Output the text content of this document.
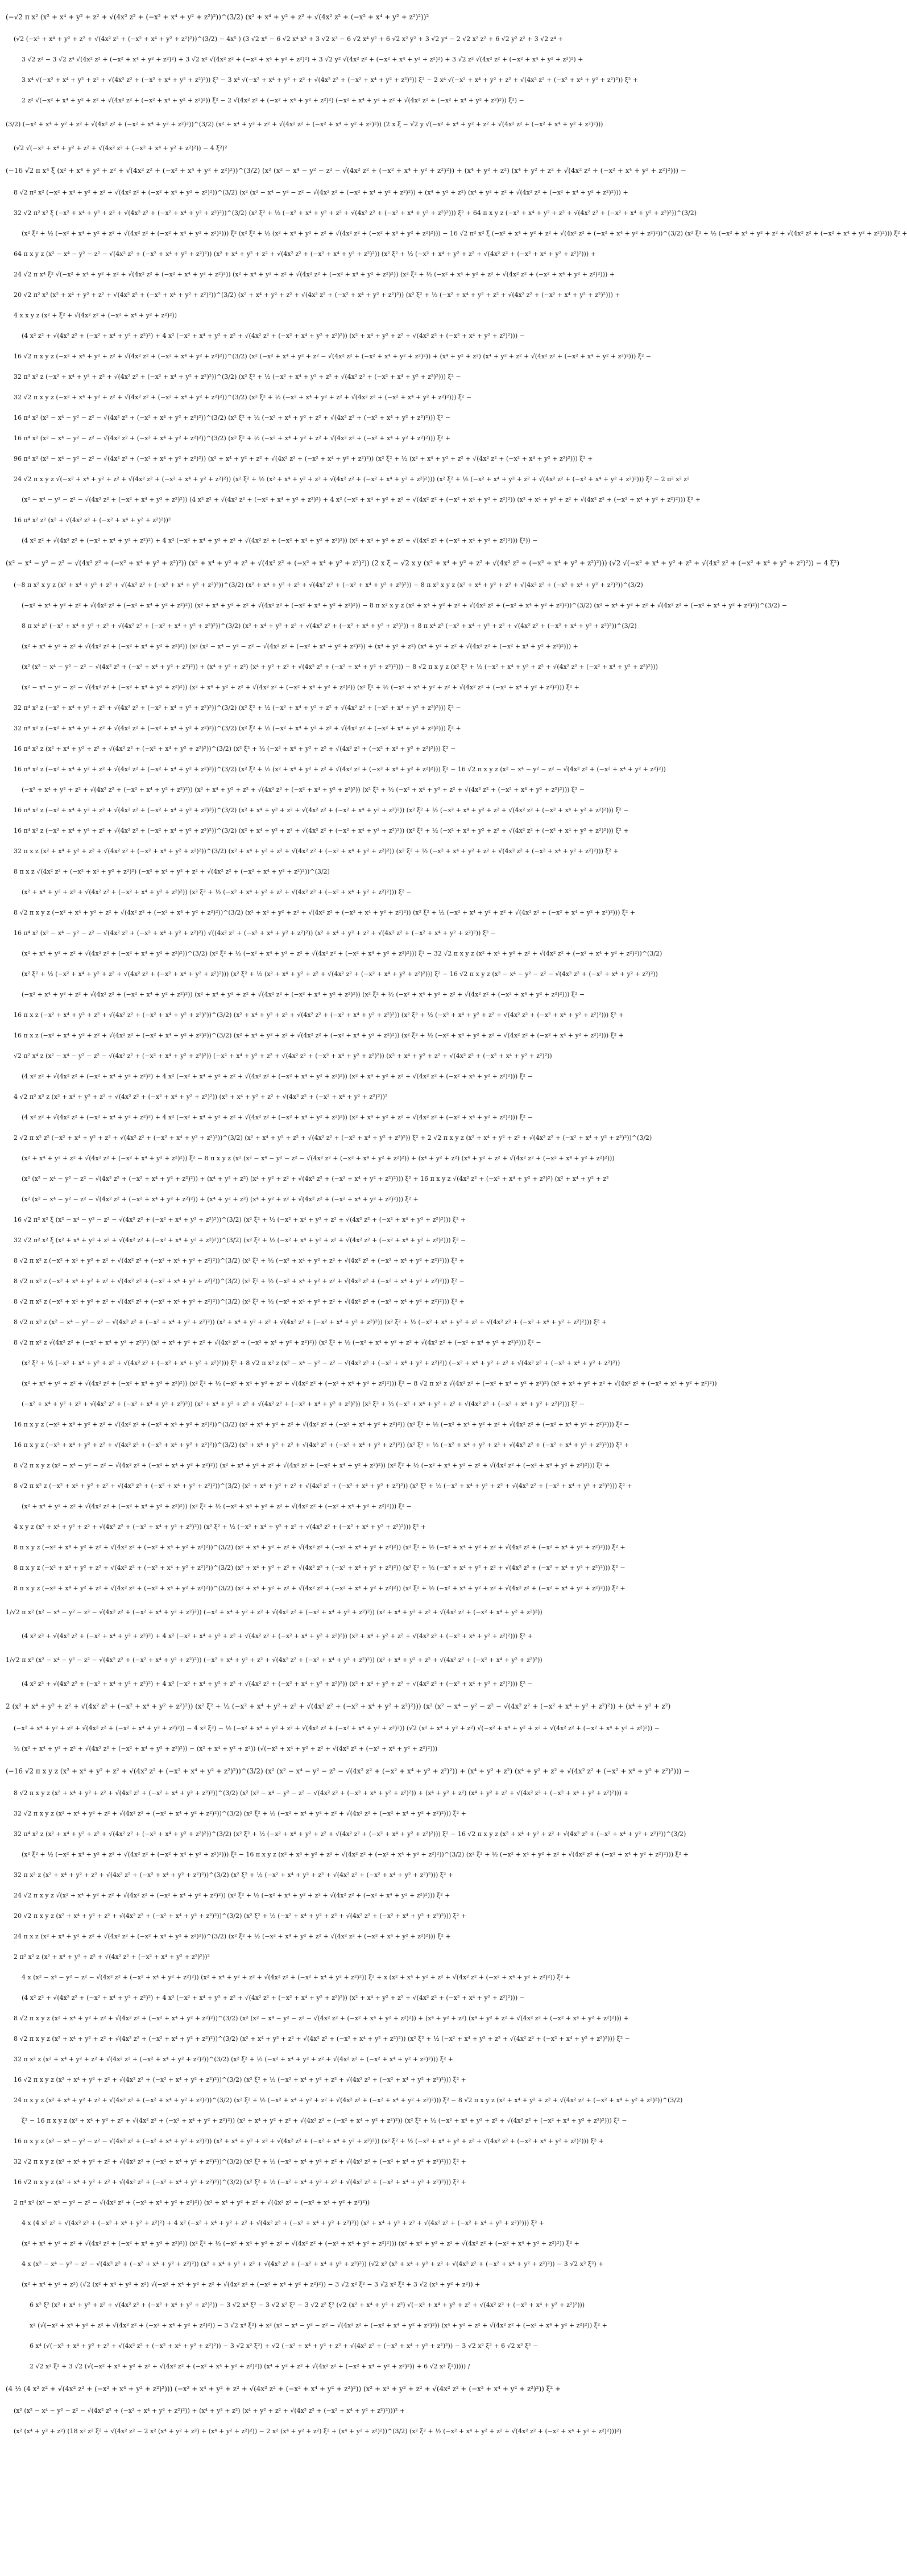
(−√2 π x² (x² + x⁴ + y² + z² + √(4x² z² + (−x² + x⁴ + y² + z²)²))^(3/2) (x² + x⁴ + y² + z² + √(4x² z² + (−x² + x⁴ + y² + z²)²))²
(√2 (−x² + x⁴ + y² + z² + √(4x² z² + (−x² + x⁴ + y² + z²)²))^(3/2) − 4x⁵ ) (3 √2 x⁶ − 6 √2 x⁴ x³ + 3 √2 x³ − 6 √2 x⁴ y² + 6 √2 x² y² + 3 √2 y⁴ − 2 √2 x² z² + 6 √2 y² z² + 3 √2 z⁴ +
3 √2 z² − 3 √2 z⁴ √(4x² z² + (−x² + x⁴ + y² + z²)²) + 3 √2 x² √(4x² z² + (−x² + x⁴ + y² + z²)²) + 3 √2 y² √(4x² z² + (−x² + x⁴ + y² + z²)²) + 3 √2 z² √(4x² z² + (−x² + x⁴ + y² + z²)²) +
3 x⁴ √(−x² + x⁴ + y² + z² + √(4x² z² + (−x² + x⁴ + y² + z²)²)) ξ² − 3 x⁴ √(−x² + x⁴ + y² + z² + √(4x² z² + (−x² + x⁴ + y² + z²)²)) ξ² − 2 x⁴ √(−x² + x⁴ + y² + z² + √(4x² z² + (−x² + x⁴ + y² + z²)²)) ξ² +
2 z² √(−x² + x⁴ + y² + z² + √(4x² z² + (−x² + x⁴ + y² + z²)²)) ξ² − 2 √(4x² z² + (−x² + x⁴ + y² + z²)²) (−x² + x⁴ + y² + z² + √(4x² z² + (−x² + x⁴ + y² + z²)²)) ξ²) −
(3/2) (−x² + x⁴ + y² + z² + √(4x² z² + (−x² + x⁴ + y² + z²)²))^(3/2) (x² + x⁴ + y² + z² + √(4x² z² + (−x² + x⁴ + y² + z²)²)) (2 x ξ − √2 y √(−x² + x⁴ + y² + z² + √(4x² z² + (−x² + x⁴ + y² + z²)²)))
(√2 √(−x² + x⁴ + y² + z² + √(4x² z² + (−x² + x⁴ + y² + z²)²)) − 4 ξ²)²
(−16 √2 π x⁴ ξ (x² + x⁴ + y² + z² + √(4x² z² + (−x² + x⁴ + y² + z²)²))^(3/2) (x² (x² − x⁴ − y² − z² − √(4x² z² + (−x² + x⁴ + y² + z²)²)) + (x⁴ + y² + z²) (x⁴ + y² + z² + √(4x² z² + (−x² + x⁴ + y² + z²)²))) −
8 √2 π² x² (−x² + x⁴ + y² + z² + √(4x² z² + (−x² + x⁴ + y² + z²)²))^(3/2) (x² (x² − x⁴ − y² − z² − √(4x² z² + (−x² + x⁴ + y² + z²)²)) + (x⁴ + y² + z²) (x⁴ + y² + z² + √(4x² z² + (−x² + x⁴ + y² + z²)²))) +
32 √2 π² x² ξ (−x² + x⁴ + y² + z² + √(4x² z² + (−x² + x⁴ + y² + z²)²))^(3/2) (x² ξ² + ½ (−x² + x⁴ + y² + z² + √(4x² z² + (−x² + x⁴ + y² + z²)²))) ξ² + 64 π x y z (−x² + x⁴ + y² + z² + √(4x² z² + (−x² + x⁴ + y² + z²)²))^(3/2)
(x² ξ² + ½ (−x² + x⁴ + y² + z² + √(4x² z² + (−x² + x⁴ + y² + z²)²))) ξ² (x² ξ² + ½ (x² + x⁴ + y² + z² + √(4x² z² + (−x² + x⁴ + y² + z²)²))) − 16 √2 π² x² ξ (−x² + x⁴ + y² + z² + √(4x² z² + (−x² + x⁴ + y² + z²)²))^(3/2) (x² ξ² + ½ (−x² + x⁴ + y² + z² + √(4x² z² + (−x² + x⁴ + y² + z²)²))) ξ² +
64 π x y z (x² − x⁴ − y² − z² − √(4x² z² + (−x² + x⁴ + y² + z²)²)) (x² + x⁴ + y² + z² + √(4x² z² + (−x² + x⁴ + y² + z²)²)) (x² ξ² + ½ (−x² + x⁴ + y² + z² + √(4x² z² + (−x² + x⁴ + y² + z²)²))) +
24 √2 π x⁴ ξ² √(−x² + x⁴ + y² + z² + √(4x² z² + (−x² + x⁴ + y² + z²)²)) (x² + x⁴ + y² + z² + √(4x² z² + (−x² + x⁴ + y² + z²)²)) (x² ξ² + ½ (−x² + x⁴ + y² + z² + √(4x² z² + (−x² + x⁴ + y² + z²)²))) +
20 √2 π² x² (x² + x⁴ + y² + z² + √(4x² z² + (−x² + x⁴ + y² + z²)²))^(3/2) (x² + x⁴ + y² + z² + √(4x² z² + (−x² + x⁴ + y² + z²)²)) (x² ξ² + ½ (−x² + x⁴ + y² + z² + √(4x² z² + (−x² + x⁴ + y² + z²)²))) +
4 x x y z (x² + ξ² + √(4x² z² + (−x² + x⁴ + y² + z²)²))
(4 x² z² + √(4x² z² + (−x² + x⁴ + y² + z²)²) + 4 x² (−x² + x⁴ + y² + z² + √(4x² z² + (−x² + x⁴ + y² + z²)²)) (x² + x⁴ + y² + z² + √(4x² z² + (−x² + x⁴ + y² + z²)²))) −
16 √2 π x y z (−x² + x⁴ + y² + z² + √(4x² z² + (−x² + x⁴ + y² + z²)²))^(3/2) (x² (−x² + x⁴ + y² + z² − √(4x² z² + (−x² + x⁴ + y² + z²)²)) + (x⁴ + y² + z²) (x⁴ + y² + z² + √(4x² z² + (−x² + x⁴ + y² + z²)²))) ξ² −
32 π³ x² z (−x² + x⁴ + y² + z² + √(4x² z² + (−x² + x⁴ + y² + z²)²))^(3/2) (x² ξ² + ½ (−x² + x⁴ + y² + z² + √(4x² z² + (−x² + x⁴ + y² + z²)²))) ξ² −
32 √2 π x y z (−x² + x⁴ + y² + z² + √(4x² z² + (−x² + x⁴ + y² + z²)²))^(3/2) (x² ξ² + ½ (−x² + x⁴ + y² + z² + √(4x² z² + (−x² + x⁴ + y² + z²)²))) ξ² −
16 π⁴ x² (x² − x⁴ − y² − z² − √(4x² z² + (−x² + x⁴ + y² + z²)²))^(3/2) (x² ξ² + ½ (−x² + x⁴ + y² + z² + √(4x² z² + (−x² + x⁴ + y² + z²)²))) ξ² −
16 π⁴ x² (x² − x⁴ − y² − z² − √(4x² z² + (−x² + x⁴ + y² + z²)²))^(3/2) (x² ξ² + ½ (−x² + x⁴ + y² + z² + √(4x² z² + (−x² + x⁴ + y² + z²)²))) ξ² +
96 π⁴ x² (x² − x⁴ − y² − z² − √(4x² z² + (−x² + x⁴ + y² + z²)²)) (x² + x⁴ + y² + z² + √(4x² z² + (−x² + x⁴ + y² + z²)²)) (x² ξ² + ½ (x² + x⁴ + y² + z² + √(4x² z² + (−x² + x⁴ + y² + z²)²))) ξ² +
24 √2 π x y z √(−x² + x⁴ + y² + z² + √(4x² z² + (−x² + x⁴ + y² + z²)²)) (x² ξ² + ½ (x² + x⁴ + y² + z² + √(4x² z² + (−x² + x⁴ + y² + z²)²))) (x² ξ² + ½ (−x² + x⁴ + y² + z² + √(4x² z² + (−x² + x⁴ + y² + z²)²))) ξ² − 2 π² x² z²
(x² − x⁴ − y² − z² − √(4x² z² + (−x² + x⁴ + y² + z²)²)) (4 x² z² + √(4x² z² + (−x² + x⁴ + y² + z²)²) + 4 x² (−x² + x⁴ + y² + z² + √(4x² z² + (−x² + x⁴ + y² + z²)²)) (x² + x⁴ + y² + z² + √(4x² z² + (−x² + x⁴ + y² + z²)²))) ξ² +
16 π⁴ x² z² (x² + √(4x² z² + (−x² + x⁴ + y² + z²)²))²
(4 x² z² + √(4x² z² + (−x² + x⁴ + y² + z²)²) + 4 x² (−x² + x⁴ + y² + z² + √(4x² z² + (−x² + x⁴ + y² + z²)²)) (x² + x⁴ + y² + z² + √(4x² z² + (−x² + x⁴ + y² + z²)²))) ξ²)) −
(x² − x⁴ − y² − z² − √(4x² z² + (−x² + x⁴ + y² + z²)²)) (x² + x⁴ + y² + z² + √(4x² z² + (−x² + x⁴ + y² + z²)²)) (2 x ξ − √2 x y (x² + x⁴ + y² + z² + √(4x² z² + (−x² + x⁴ + y² + z²)²))) (√2 √(−x² + x⁴ + y² + z² + √(4x² z² + (−x² + x⁴ + y² + z²)²)) − 4 ξ²)
(−8 π x² x y z (x² + x⁴ + y² + z² + √(4x² z² + (−x² + x⁴ + y² + z²)²))^(3/2) (x² + x⁴ + y² + z² + √(4x² z² + (−x² + x⁴ + y² + z²)²)) − 8 π x² x y z (x² + x⁴ + y² + z² + √(4x² z² + (−x² + x⁴ + y² + z²)²))^(3/2)
(−x² + x⁴ + y² + z² + √(4x² z² + (−x² + x⁴ + y² + z²)²)) (x² + x⁴ + y² + z² + √(4x² z² + (−x² + x⁴ + y² + z²)²)) − 8 π x² x y z (x² + x⁴ + y² + z² + √(4x² z² + (−x² + x⁴ + y² + z²)²))^(3/2) (x² + x⁴ + y² + z² + √(4x² z² + (−x² + x⁴ + y² + z²)²))^(3/2) −
8 π x⁴ z² (−x² + x⁴ + y² + z² + √(4x² z² + (−x² + x⁴ + y² + z²)²))^(3/2) (x² + x⁴ + y² + z² + √(4x² z² + (−x² + x⁴ + y² + z²)²)) + 8 π x⁴ z² (−x² + x⁴ + y² + z² + √(4x² z² + (−x² + x⁴ + y² + z²)²))^(3/2)
(x² + x⁴ + y² + z² + √(4x² z² + (−x² + x⁴ + y² + z²)²)) (x² (x² − x⁴ − y² − z² − √(4x² z² + (−x² + x⁴ + y² + z²)²)) + (x⁴ + y² + z²) (x⁴ + y² + z² + √(4x² z² + (−x² + x⁴ + y² + z²)²))) +
(x² (x² − x⁴ − y² − z² − √(4x² z² + (−x² + x⁴ + y² + z²)²)) + (x⁴ + y² + z²) (x⁴ + y² + z² + √(4x² z² + (−x² + x⁴ + y² + z²)²))) − 8 √2 π x y z (x² ξ² + ½ (−x² + x⁴ + y² + z² + √(4x² z² + (−x² + x⁴ + y² + z²)²)))
(x² − x⁴ − y² − z² − √(4x² z² + (−x² + x⁴ + y² + z²)²)) (x² + x⁴ + y² + z² + √(4x² z² + (−x² + x⁴ + y² + z²)²)) (x² ξ² + ½ (−x² + x⁴ + y² + z² + √(4x² z² + (−x² + x⁴ + y² + z²)²))) ξ² +
32 π⁴ x² z (−x² + x⁴ + y² + z² + √(4x² z² + (−x² + x⁴ + y² + z²)²))^(3/2) (x² ξ² + ½ (−x² + x⁴ + y² + z² + √(4x² z² + (−x² + x⁴ + y² + z²)²))) ξ² −
32 π⁴ x² z (−x² + x⁴ + y² + z² + √(4x² z² + (−x² + x⁴ + y² + z²)²))^(3/2) (x² ξ² + ½ (−x² + x⁴ + y² + z² + √(4x² z² + (−x² + x⁴ + y² + z²)²))) ξ² +
16 π⁴ x² z (x² + x⁴ + y² + z² + √(4x² z² + (−x² + x⁴ + y² + z²)²))^(3/2) (x² ξ² + ½ (−x² + x⁴ + y² + z² + √(4x² z² + (−x² + x⁴ + y² + z²)²))) ξ² −
16 π⁴ x² z (−x² + x⁴ + y² + z² + √(4x² z² + (−x² + x⁴ + y² + z²)²))^(3/2) (x² ξ² + ½ (x² + x⁴ + y² + z² + √(4x² z² + (−x² + x⁴ + y² + z²)²))) ξ² − 16 √2 π x y z (x² − x⁴ − y² − z² − √(4x² z² + (−x² + x⁴ + y² + z²)²))
(−x² + x⁴ + y² + z² + √(4x² z² + (−x² + x⁴ + y² + z²)²)) (x² + x⁴ + y² + z² + √(4x² z² + (−x² + x⁴ + y² + z²)²)) (x² ξ² + ½ (−x² + x⁴ + y² + z² + √(4x² z² + (−x² + x⁴ + y² + z²)²))) ξ² −
16 π⁴ x² z (−x² + x⁴ + y² + z² + √(4x² z² + (−x² + x⁴ + y² + z²)²))^(3/2) (x² + x⁴ + y² + z² + √(4x² z² + (−x² + x⁴ + y² + z²)²)) (x² ξ² + ½ (−x² + x⁴ + y² + z² + √(4x² z² + (−x² + x⁴ + y² + z²)²))) ξ² −
16 π⁴ x² z (−x² + x⁴ + y² + z² + √(4x² z² + (−x² + x⁴ + y² + z²)²))^(3/2) (x² + x⁴ + y² + z² + √(4x² z² + (−x² + x⁴ + y² + z²)²)) (x² ξ² + ½ (−x² + x⁴ + y² + z² + √(4x² z² + (−x² + x⁴ + y² + z²)²))) ξ² +
32 π x z (x² + x⁴ + y² + z² + √(4x² z² + (−x² + x⁴ + y² + z²)²))^(3/2) (x² + x⁴ + y² + z² + √(4x² z² + (−x² + x⁴ + y² + z²)²)) (x² ξ² + ½ (−x² + x⁴ + y² + z² + √(4x² z² + (−x² + x⁴ + y² + z²)²))) ξ² +
8 π x z √(4x² z² + (−x² + x⁴ + y² + z²)²) (−x² + x⁴ + y² + z² + √(4x² z² + (−x² + x⁴ + y² + z²)²))^(3/2)
(x² + x⁴ + y² + z² + √(4x² z² + (−x² + x⁴ + y² + z²)²)) (x² ξ² + ½ (−x² + x⁴ + y² + z² + √(4x² z² + (−x² + x⁴ + y² + z²)²))) ξ² −
8 √2 π x y z (−x² + x⁴ + y² + z² + √(4x² z² + (−x² + x⁴ + y² + z²)²))^(3/2) (x² + x⁴ + y² + z² + √(4x² z² + (−x² + x⁴ + y² + z²)²)) (x² ξ² + ½ (−x² + x⁴ + y² + z² + √(4x² z² + (−x² + x⁴ + y² + z²)²))) ξ² +
16 π⁴ x² (x² − x⁴ − y² − z² − √(4x² z² + (−x² + x⁴ + y² + z²)²)) √((4x² z² + (−x² + x⁴ + y² + z²)²)) (x² + x⁴ + y² + z² + √(4x² z² + (−x² + x⁴ + y² + z²)²)) ξ² −
(x² + x⁴ + y² + z² + √(4x² z² + (−x² + x⁴ + y² + z²)²))^(3/2) (x² ξ² + ½ (−x² + x⁴ + y² + z² + √(4x² z² + (−x² + x⁴ + y² + z²)²))) ξ² − 32 √2 π x y z (x² + x⁴ + y² + z² + √(4x² z² + (−x² + x⁴ + y² + z²)²))^(3/2)
(x² ξ² + ½ (−x² + x⁴ + y² + z² + √(4x² z² + (−x² + x⁴ + y² + z²)²))) (x² ξ² + ½ (x² + x⁴ + y² + z² + √(4x² z² + (−x² + x⁴ + y² + z²)²))) ξ² − 16 √2 π x y z (x² − x⁴ − y² − z² − √(4x² z² + (−x² + x⁴ + y² + z²)²))
(−x² + x⁴ + y² + z² + √(4x² z² + (−x² + x⁴ + y² + z²)²)) (x² + x⁴ + y² + z² + √(4x² z² + (−x² + x⁴ + y² + z²)²)) (x² ξ² + ½ (−x² + x⁴ + y² + z² + √(4x² z² + (−x² + x⁴ + y² + z²)²))) ξ² −
16 π x z (−x² + x⁴ + y² + z² + √(4x² z² + (−x² + x⁴ + y² + z²)²))^(3/2) (x² + x⁴ + y² + z² + √(4x² z² + (−x² + x⁴ + y² + z²)²)) (x² ξ² + ½ (−x² + x⁴ + y² + z² + √(4x² z² + (−x² + x⁴ + y² + z²)²))) ξ² +
16 π x z (−x² + x⁴ + y² + z² + √(4x² z² + (−x² + x⁴ + y² + z²)²))^(3/2) (x² + x⁴ + y² + z² + √(4x² z² + (−x² + x⁴ + y² + z²)²)) (x² ξ² + ½ (−x² + x⁴ + y² + z² + √(4x² z² + (−x² + x⁴ + y² + z²)²))) ξ² +
√2 π² x⁴ z (x² − x⁴ − y² − z² − √(4x² z² + (−x² + x⁴ + y² + z²)²)) (−x² + x⁴ + y² + z² + √(4x² z² + (−x² + x⁴ + y² + z²)²)) (x² + x⁴ + y² + z² + √(4x² z² + (−x² + x⁴ + y² + z²)²))
(4 x² z² + √(4x² z² + (−x² + x⁴ + y² + z²)²) + 4 x² (−x² + x⁴ + y² + z² + √(4x² z² + (−x² + x⁴ + y² + z²)²)) (x² + x⁴ + y² + z² + √(4x² z² + (−x² + x⁴ + y² + z²)²))) ξ² −
4 √2 π² x² z (x² + x⁴ + y² + z² + √(4x² z² + (−x² + x⁴ + y² + z²)²)) (x² + x⁴ + y² + z² + √(4x² z² + (−x² + x⁴ + y² + z²)²))²
(4 x² z² + √(4x² z² + (−x² + x⁴ + y² + z²)²) + 4 x² (−x² + x⁴ + y² + z² + √(4x² z² + (−x² + x⁴ + y² + z²)²)) (x² + x⁴ + y² + z² + √(4x² z² + (−x² + x⁴ + y² + z²)²))) ξ² −
2 √2 π x² z² (−x² + x⁴ + y² + z² + √(4x² z² + (−x² + x⁴ + y² + z²)²))^(3/2) (x² + x⁴ + y² + z² + √(4x² z² + (−x² + x⁴ + y² + z²)²)) ξ² + 2 √2 π x y z (x² + x⁴ + y² + z² + √(4x² z² + (−x² + x⁴ + y² + z²)²))^(3/2)
(x² + x⁴ + y² + z² + √(4x² z² + (−x² + x⁴ + y² + z²)²)) ξ² − 8 π x y z (x² (x² − x⁴ − y² − z² − √(4x² z² + (−x² + x⁴ + y² + z²)²)) + (x⁴ + y² + z²) (x⁴ + y² + z² + √(4x² z² + (−x² + x⁴ + y² + z²)²)))
(x² (x² − x⁴ − y² − z² − √(4x² z² + (−x² + x⁴ + y² + z²)²)) + (x⁴ + y² + z²) (x⁴ + y² + z² + √(4x² z² + (−x² + x⁴ + y² + z²)²))) ξ² + 16 π x y z √(4x² z² + (−x² + x⁴ + y² + z²)²) (x² + x⁴ + y² + z²
(x² (x² − x⁴ − y² − z² − √(4x² z² + (−x² + x⁴ + y² + z²)²)) + (x⁴ + y² + z²) (x⁴ + y² + z² + √(4x² z² + (−x² + x⁴ + y² + z²)²))) ξ² +
16 √2 π² x² ξ (x² − x⁴ − y² − z² − √(4x² z² + (−x² + x⁴ + y² + z²)²))^(3/2) (x² ξ² + ½ (−x² + x⁴ + y² + z² + √(4x² z² + (−x² + x⁴ + y² + z²)²))) ξ² +
32 √2 π² x² ξ (x² + x⁴ + y² + z² + √(4x² z² + (−x² + x⁴ + y² + z²)²))^(3/2) (x² ξ² + ½ (−x² + x⁴ + y² + z² + √(4x² z² + (−x² + x⁴ + y² + z²)²))) ξ² −
8 √2 π x² z (−x² + x⁴ + y² + z² + √(4x² z² + (−x² + x⁴ + y² + z²)²))^(3/2) (x² ξ² + ½ (−x² + x⁴ + y² + z² + √(4x² z² + (−x² + x⁴ + y² + z²)²))) ξ² +
8 √2 π x² z (−x² + x⁴ + y² + z² + √(4x² z² + (−x² + x⁴ + y² + z²)²))^(3/2) (x² ξ² + ½ (−x² + x⁴ + y² + z² + √(4x² z² + (−x² + x⁴ + y² + z²)²))) ξ² −
8 √2 π x² z (−x² + x⁴ + y² + z² + √(4x² z² + (−x² + x⁴ + y² + z²)²))^(3/2) (x² ξ² + ½ (−x² + x⁴ + y² + z² + √(4x² z² + (−x² + x⁴ + y² + z²)²))) ξ² +
8 √2 π x² z (x² − x⁴ − y² − z² − √(4x² z² + (−x² + x⁴ + y² + z²)²)) (x² + x⁴ + y² + z² + √(4x² z² + (−x² + x⁴ + y² + z²)²)) (x² ξ² + ½ (−x² + x⁴ + y² + z² + √(4x² z² + (−x² + x⁴ + y² + z²)²))) ξ² +
8 √2 π x² z √(4x² z² + (−x² + x⁴ + y² + z²)²) (x² + x⁴ + y² + z² + √(4x² z² + (−x² + x⁴ + y² + z²)²)) (x² ξ² + ½ (−x² + x⁴ + y² + z² + √(4x² z² + (−x² + x⁴ + y² + z²)²))) ξ² −
(x² ξ² + ½ (−x² + x⁴ + y² + z² + √(4x² z² + (−x² + x⁴ + y² + z²)²))) ξ² + 8 √2 π x² z (x² − x⁴ − y² − z² − √(4x² z² + (−x² + x⁴ + y² + z²)²)) (−x² + x⁴ + y² + z² + √(4x² z² + (−x² + x⁴ + y² + z²)²))
(x² + x⁴ + y² + z² + √(4x² z² + (−x² + x⁴ + y² + z²)²)) (x² ξ² + ½ (−x² + x⁴ + y² + z² + √(4x² z² + (−x² + x⁴ + y² + z²)²))) ξ² − 8 √2 π x² z √(4x² z² + (−x² + x⁴ + y² + z²)²) (x² + x⁴ + y² + z² + √(4x² z² + (−x² + x⁴ + y² + z²)²))
(−x² + x⁴ + y² + z² + √(4x² z² + (−x² + x⁴ + y² + z²)²)) (x² + x⁴ + y² + z² + √(4x² z² + (−x² + x⁴ + y² + z²)²)) (x² ξ² + ½ (−x² + x⁴ + y² + z² + √(4x² z² + (−x² + x⁴ + y² + z²)²))) ξ² −
16 π x y z (−x² + x⁴ + y² + z² + √(4x² z² + (−x² + x⁴ + y² + z²)²))^(3/2) (x² + x⁴ + y² + z² + √(4x² z² + (−x² + x⁴ + y² + z²)²)) (x² ξ² + ½ (−x² + x⁴ + y² + z² + √(4x² z² + (−x² + x⁴ + y² + z²)²))) ξ² −
16 π x y z (−x² + x⁴ + y² + z² + √(4x² z² + (−x² + x⁴ + y² + z²)²))^(3/2) (x² + x⁴ + y² + z² + √(4x² z² + (−x² + x⁴ + y² + z²)²)) (x² ξ² + ½ (−x² + x⁴ + y² + z² + √(4x² z² + (−x² + x⁴ + y² + z²)²))) ξ² +
8 √2 π x y z (x² − x⁴ − y² − z² − √(4x² z² + (−x² + x⁴ + y² + z²)²)) (x² + x⁴ + y² + z² + √(4x² z² + (−x² + x⁴ + y² + z²)²)) (x² ξ² + ½ (−x² + x⁴ + y² + z² + √(4x² z² + (−x² + x⁴ + y² + z²)²))) ξ² +
8 √2 π x² z (−x² + x⁴ + y² + z² + √(4x² z² + (−x² + x⁴ + y² + z²)²))^(3/2) (x² + x⁴ + y² + z² + √(4x² z² + (−x² + x⁴ + y² + z²)²)) (x² ξ² + ½ (−x² + x⁴ + y² + z² + √(4x² z² + (−x² + x⁴ + y² + z²)²))) ξ² +
(x² + x⁴ + y² + z² + √(4x² z² + (−x² + x⁴ + y² + z²)²)) (x² ξ² + ½ (−x² + x⁴ + y² + z² + √(4x² z² + (−x² + x⁴ + y² + z²)²))) ξ² −
4 x y z (x² + x⁴ + y² + z² + √(4x² z² + (−x² + x⁴ + y² + z²)²)) (x² ξ² + ½ (−x² + x⁴ + y² + z² + √(4x² z² + (−x² + x⁴ + y² + z²)²))) ξ² +
8 π x y z (−x² + x⁴ + y² + z² + √(4x² z² + (−x² + x⁴ + y² + z²)²))^(3/2) (x² + x⁴ + y² + z² + √(4x² z² + (−x² + x⁴ + y² + z²)²)) (x² ξ² + ½ (−x² + x⁴ + y² + z² + √(4x² z² + (−x² + x⁴ + y² + z²)²))) ξ² +
8 π x y z (−x² + x⁴ + y² + z² + √(4x² z² + (−x² + x⁴ + y² + z²)²))^(3/2) (x² + x⁴ + y² + z² + √(4x² z² + (−x² + x⁴ + y² + z²)²)) (x² ξ² + ½ (−x² + x⁴ + y² + z² + √(4x² z² + (−x² + x⁴ + y² + z²)²))) ξ² −
8 π x y z (−x² + x⁴ + y² + z² + √(4x² z² + (−x² + x⁴ + y² + z²)²))^(3/2) (x² + x⁴ + y² + z² + √(4x² z² + (−x² + x⁴ + y² + z²)²)) (x² ξ² + ½ (−x² + x⁴ + y² + z² + √(4x² z² + (−x² + x⁴ + y² + z²)²))) ξ² +
1/√2 π x² (x² − x⁴ − y² − z² − √(4x² z² + (−x² + x⁴ + y² + z²)²)) (−x² + x⁴ + y² + z² + √(4x² z² + (−x² + x⁴ + y² + z²)²)) (x² + x⁴ + y² + z² + √(4x² z² + (−x² + x⁴ + y² + z²)²))
(4 x² z² + √(4x² z² + (−x² + x⁴ + y² + z²)²) + 4 x² (−x² + x⁴ + y² + z² + √(4x² z² + (−x² + x⁴ + y² + z²)²)) (x² + x⁴ + y² + z² + √(4x² z² + (−x² + x⁴ + y² + z²)²))) ξ² +
1/√2 π x² (x² − x⁴ − y² − z² − √(4x² z² + (−x² + x⁴ + y² + z²)²)) (−x² + x⁴ + y² + z² + √(4x² z² + (−x² + x⁴ + y² + z²)²)) (x² + x⁴ + y² + z² + √(4x² z² + (−x² + x⁴ + y² + z²)²))
(4 x² z² + √(4x² z² + (−x² + x⁴ + y² + z²)²) + 4 x² (−x² + x⁴ + y² + z² + √(4x² z² + (−x² + x⁴ + y² + z²)²)) (x² + x⁴ + y² + z² + √(4x² z² + (−x² + x⁴ + y² + z²)²))) ξ² −
2 (x² + x⁴ + y² + z² + √(4x² z² + (−x² + x⁴ + y² + z²)²)) (x² ξ² + ½ (−x² + x⁴ + y² + z² + √(4x² z² + (−x² + x⁴ + y² + z²)²))) (x² (x² − x⁴ − y² − z² − √(4x² z² + (−x² + x⁴ + y² + z²)²)) + (x⁴ + y² + z²)
(−x² + x⁴ + y² + z² + √(4x² z² + (−x² + x⁴ + y² + z²)²)) − 4 x² ξ²) − ½ (−x² + x⁴ + y² + z² + √(4x² z² + (−x² + x⁴ + y² + z²)²)) (√2 (x² + x⁴ + y² + z²) √(−x² + x⁴ + y² + z² + √(4x² z² + (−x² + x⁴ + y² + z²)²)) −
½ (x² + x⁴ + y² + z² + √(4x² z² + (−x² + x⁴ + y² + z²)²)) − (x² + x⁴ + y² + z²)) (√(−x² + x⁴ + y² + z² + √(4x² z² + (−x² + x⁴ + y² + z²)²)))
(−16 √2 π x y z (x² + x⁴ + y² + z² + √(4x² z² + (−x² + x⁴ + y² + z²)²))^(3/2) (x² (x² − x⁴ − y² − z² − √(4x² z² + (−x² + x⁴ + y² + z²)²)) + (x⁴ + y² + z²) (x⁴ + y² + z² + √(4x² z² + (−x² + x⁴ + y² + z²)²))) −
8 √2 π x y z (x² + x⁴ + y² + z² + √(4x² z² + (−x² + x⁴ + y² + z²)²))^(3/2) (x² (x² − x⁴ − y² − z² − √(4x² z² + (−x² + x⁴ + y² + z²)²)) + (x⁴ + y² + z²) (x⁴ + y² + z² + √(4x² z² + (−x² + x⁴ + y² + z²)²))) +
32 √2 π x y z (x² + x⁴ + y² + z² + √(4x² z² + (−x² + x⁴ + y² + z²)²))^(3/2) (x² ξ² + ½ (−x² + x⁴ + y² + z² + √(4x² z² + (−x² + x⁴ + y² + z²)²))) ξ² +
32 π⁴ x² z (x² + x⁴ + y² + z² + √(4x² z² + (−x² + x⁴ + y² + z²)²))^(3/2) (x² ξ² + ½ (−x² + x⁴ + y² + z² + √(4x² z² + (−x² + x⁴ + y² + z²)²))) ξ² − 16 √2 π x y z (x² + x⁴ + y² + z² + √(4x² z² + (−x² + x⁴ + y² + z²)²))^(3/2)
(x² ξ² + ½ (−x² + x⁴ + y² + z² + √(4x² z² + (−x² + x⁴ + y² + z²)²))) ξ² − 16 π x y z (x² + x⁴ + y² + z² + √(4x² z² + (−x² + x⁴ + y² + z²)²))^(3/2) (x² ξ² + ½ (−x² + x⁴ + y² + z² + √(4x² z² + (−x² + x⁴ + y² + z²)²))) ξ² +
32 π x² z (x² + x⁴ + y² + z² + √(4x² z² + (−x² + x⁴ + y² + z²)²))^(3/2) (x² ξ² + ½ (−x² + x⁴ + y² + z² + √(4x² z² + (−x² + x⁴ + y² + z²)²))) ξ² +
24 √2 π x y z √(x² + x⁴ + y² + z² + √(4x² z² + (−x² + x⁴ + y² + z²)²)) (x² ξ² + ½ (−x² + x⁴ + y² + z² + √(4x² z² + (−x² + x⁴ + y² + z²)²))) ξ² +
20 √2 π x y z (x² + x⁴ + y² + z² + √(4x² z² + (−x² + x⁴ + y² + z²)²))^(3/2) (x² ξ² + ½ (−x² + x⁴ + y² + z² + √(4x² z² + (−x² + x⁴ + y² + z²)²))) ξ² +
24 π x z (x² + x⁴ + y² + z² + √(4x² z² + (−x² + x⁴ + y² + z²)²))^(3/2) (x² ξ² + ½ (−x² + x⁴ + y² + z² + √(4x² z² + (−x² + x⁴ + y² + z²)²))) ξ² +
2 π² x² z (x² + x⁴ + y² + z² + √(4x² z² + (−x² + x⁴ + y² + z²)²))²
4 x (x² − x⁴ − y² − z² − √(4x² z² + (−x² + x⁴ + y² + z²)²)) (x² + x⁴ + y² + z² + √(4x² z² + (−x² + x⁴ + y² + z²)²)) ξ² + x (x² + x⁴ + y² + z² + √(4x² z² + (−x² + x⁴ + y² + z²)²)) ξ² +
(4 x² z² + √(4x² z² + (−x² + x⁴ + y² + z²)²) + 4 x² (−x² + x⁴ + y² + z² + √(4x² z² + (−x² + x⁴ + y² + z²)²)) (x² + x⁴ + y² + z² + √(4x² z² + (−x² + x⁴ + y² + z²)²))) −
8 √2 π x y z (x² + x⁴ + y² + z² + √(4x² z² + (−x² + x⁴ + y² + z²)²))^(3/2) (x² (x² − x⁴ − y² − z² − √(4x² z² + (−x² + x⁴ + y² + z²)²)) + (x⁴ + y² + z²) (x⁴ + y² + z² + √(4x² z² + (−x² + x⁴ + y² + z²)²))) +
8 √2 π x y z (x² + x⁴ + y² + z² + √(4x² z² + (−x² + x⁴ + y² + z²)²))^(3/2) (x² + x⁴ + y² + z² + √(4x² z² + (−x² + x⁴ + y² + z²)²)) (x² ξ² + ½ (−x² + x⁴ + y² + z² + √(4x² z² + (−x² + x⁴ + y² + z²)²))) ξ² −
32 π x² z (x² + x⁴ + y² + z² + √(4x² z² + (−x² + x⁴ + y² + z²)²))^(3/2) (x² ξ² + ½ (−x² + x⁴ + y² + z² + √(4x² z² + (−x² + x⁴ + y² + z²)²))) ξ² +
16 √2 π x y z (x² + x⁴ + y² + z² + √(4x² z² + (−x² + x⁴ + y² + z²)²))^(3/2) (x² ξ² + ½ (−x² + x⁴ + y² + z² + √(4x² z² + (−x² + x⁴ + y² + z²)²))) ξ² +
24 π x y z (x² + x⁴ + y² + z² + √(4x² z² + (−x² + x⁴ + y² + z²)²))^(3/2) (x² ξ² + ½ (−x² + x⁴ + y² + z² + √(4x² z² + (−x² + x⁴ + y² + z²)²))) ξ² − 8 √2 π x y z (x² + x⁴ + y² + z² + √(4x² z² + (−x² + x⁴ + y² + z²)²))^(3/2)
ξ² − 16 π x y z (x² + x⁴ + y² + z² + √(4x² z² + (−x² + x⁴ + y² + z²)²)) (x² + x⁴ + y² + z² + √(4x² z² + (−x² + x⁴ + y² + z²)²)) (x² ξ² + ½ (−x² + x⁴ + y² + z² + √(4x² z² + (−x² + x⁴ + y² + z²)²))) ξ² −
16 π x y z (x² − x⁴ − y² − z² − √(4x² z² + (−x² + x⁴ + y² + z²)²)) (x² + x⁴ + y² + z² + √(4x² z² + (−x² + x⁴ + y² + z²)²)) (x² ξ² + ½ (−x² + x⁴ + y² + z² + √(4x² z² + (−x² + x⁴ + y² + z²)²))) ξ² +
32 √2 π x y z (x² + x⁴ + y² + z² + √(4x² z² + (−x² + x⁴ + y² + z²)²))^(3/2) (x² ξ² + ½ (−x² + x⁴ + y² + z² + √(4x² z² + (−x² + x⁴ + y² + z²)²))) ξ² +
16 √2 π x y z (x² + x⁴ + y² + z² + √(4x² z² + (−x² + x⁴ + y² + z²)²))^(3/2) (x² ξ² + ½ (−x² + x⁴ + y² + z² + √(4x² z² + (−x² + x⁴ + y² + z²)²))) ξ² +
2 π⁴ x² (x² − x⁴ − y² − z² − √(4x² z² + (−x² + x⁴ + y² + z²)²)) (x² + x⁴ + y² + z² + √(4x² z² + (−x² + x⁴ + y² + z²)²))
4 x (4 x² z² + √(4x² z² + (−x² + x⁴ + y² + z²)²) + 4 x² (−x² + x⁴ + y² + z² + √(4x² z² + (−x² + x⁴ + y² + z²)²)) (x² + x⁴ + y² + z² + √(4x² z² + (−x² + x⁴ + y² + z²)²))) ξ² +
(x² + x⁴ + y² + z² + √(4x² z² + (−x² + x⁴ + y² + z²)²)) (x² ξ² + ½ (−x² + x⁴ + y² + z² + √(4x² z² + (−x² + x⁴ + y² + z²)²))) (x² + x⁴ + y² + z² + √(4x² z² + (−x² + x⁴ + y² + z²)²)) ξ² +
4 x (x² − x⁴ − y² − z² − √(4x² z² + (−x² + x⁴ + y² + z²)²)) (x² + x⁴ + y² + z² + √(4x² z² + (−x² + x⁴ + y² + z²)²)) (√2 x² (x² + x⁴ + y² + z² + √(4x² z² + (−x² + x⁴ + y² + z²)²)) − 3 √2 x² ξ²) +
(x² + x⁴ + y² + z²) (√2 (x² + x⁴ + y² + z²) √(−x² + x⁴ + y² + z² + √(4x² z² + (−x² + x⁴ + y² + z²)²)) − 3 √2 x² ξ² − 3 √2 x² ξ² + 3 √2 (x⁴ + y² + z²)) +
6 x² ξ² (x² + x⁴ + y² + z² + √(4x² z² + (−x² + x⁴ + y² + z²)²)) − 3 √2 x⁴ ξ² − 3 √2 x² ξ² − 3 √2 z² ξ² (√2 (x² + x⁴ + y² + z²) √(−x² + x⁴ + y² + z² + √(4x² z² + (−x² + x⁴ + y² + z²)²)))
x² (√(−x² + x⁴ + y² + z² + √(4x² z² + (−x² + x⁴ + y² + z²)²)) − 3 √2 x⁴ ξ²) + x² (x² − x⁴ − y² − z² − √(4x² z² + (−x² + x⁴ + y² + z²)²)) (x⁴ + y² + z² + √(4x² z² + (−x² + x⁴ + y² + z²)²)) ξ² +
6 x⁴ (√(−x² + x⁴ + y² + z² + √(4x² z² + (−x² + x⁴ + y² + z²)²)) − 3 √2 x² ξ²) + √2 (−x² + x⁴ + y² + z² + √(4x² z² + (−x² + x⁴ + y² + z²)²)) − 3 √2 x² ξ² + 6 √2 x² ξ² −
2 √2 x² ξ² + 3 √2 (√(−x² + x⁴ + y² + z² + √(4x² z² + (−x² + x⁴ + y² + z²)²)) (x⁴ + y² + z² + √(4x² z² + (−x² + x⁴ + y² + z²)²)) + 6 √2 x² ξ²))))) /
(4 ½ (4 x² z² + √(4x² z² + (−x² + x⁴ + y² + z²)²))) (−x² + x⁴ + y² + z² + √(4x² z² + (−x² + x⁴ + y² + z²)²)) (x² + x⁴ + y² + z² + √(4x² z² + (−x² + x⁴ + y² + z²)²)) ξ² +
(x² (x² − x⁴ − y² − z² − √(4x² z² + (−x² + x⁴ + y² + z²)²)) + (x⁴ + y² + z²) (x⁴ + y² + z² + √(4x² z² + (−x² + x⁴ + y² + z²)²)))² +
(x² (x⁴ + y² + z²) (18 x² z² ξ² + √(4x² z² − 2 x² (x⁴ + y² + z²) + (x⁴ + y² + z²)²)) − 2 x² (x⁴ + y² + z²) ξ² + (x⁴ + y² + z²)²))^(3/2) (x² ξ² + ½ (−x² + x⁴ + y² + z² + √(4x² z² + (−x² + x⁴ + y² + z²)²)))²)
